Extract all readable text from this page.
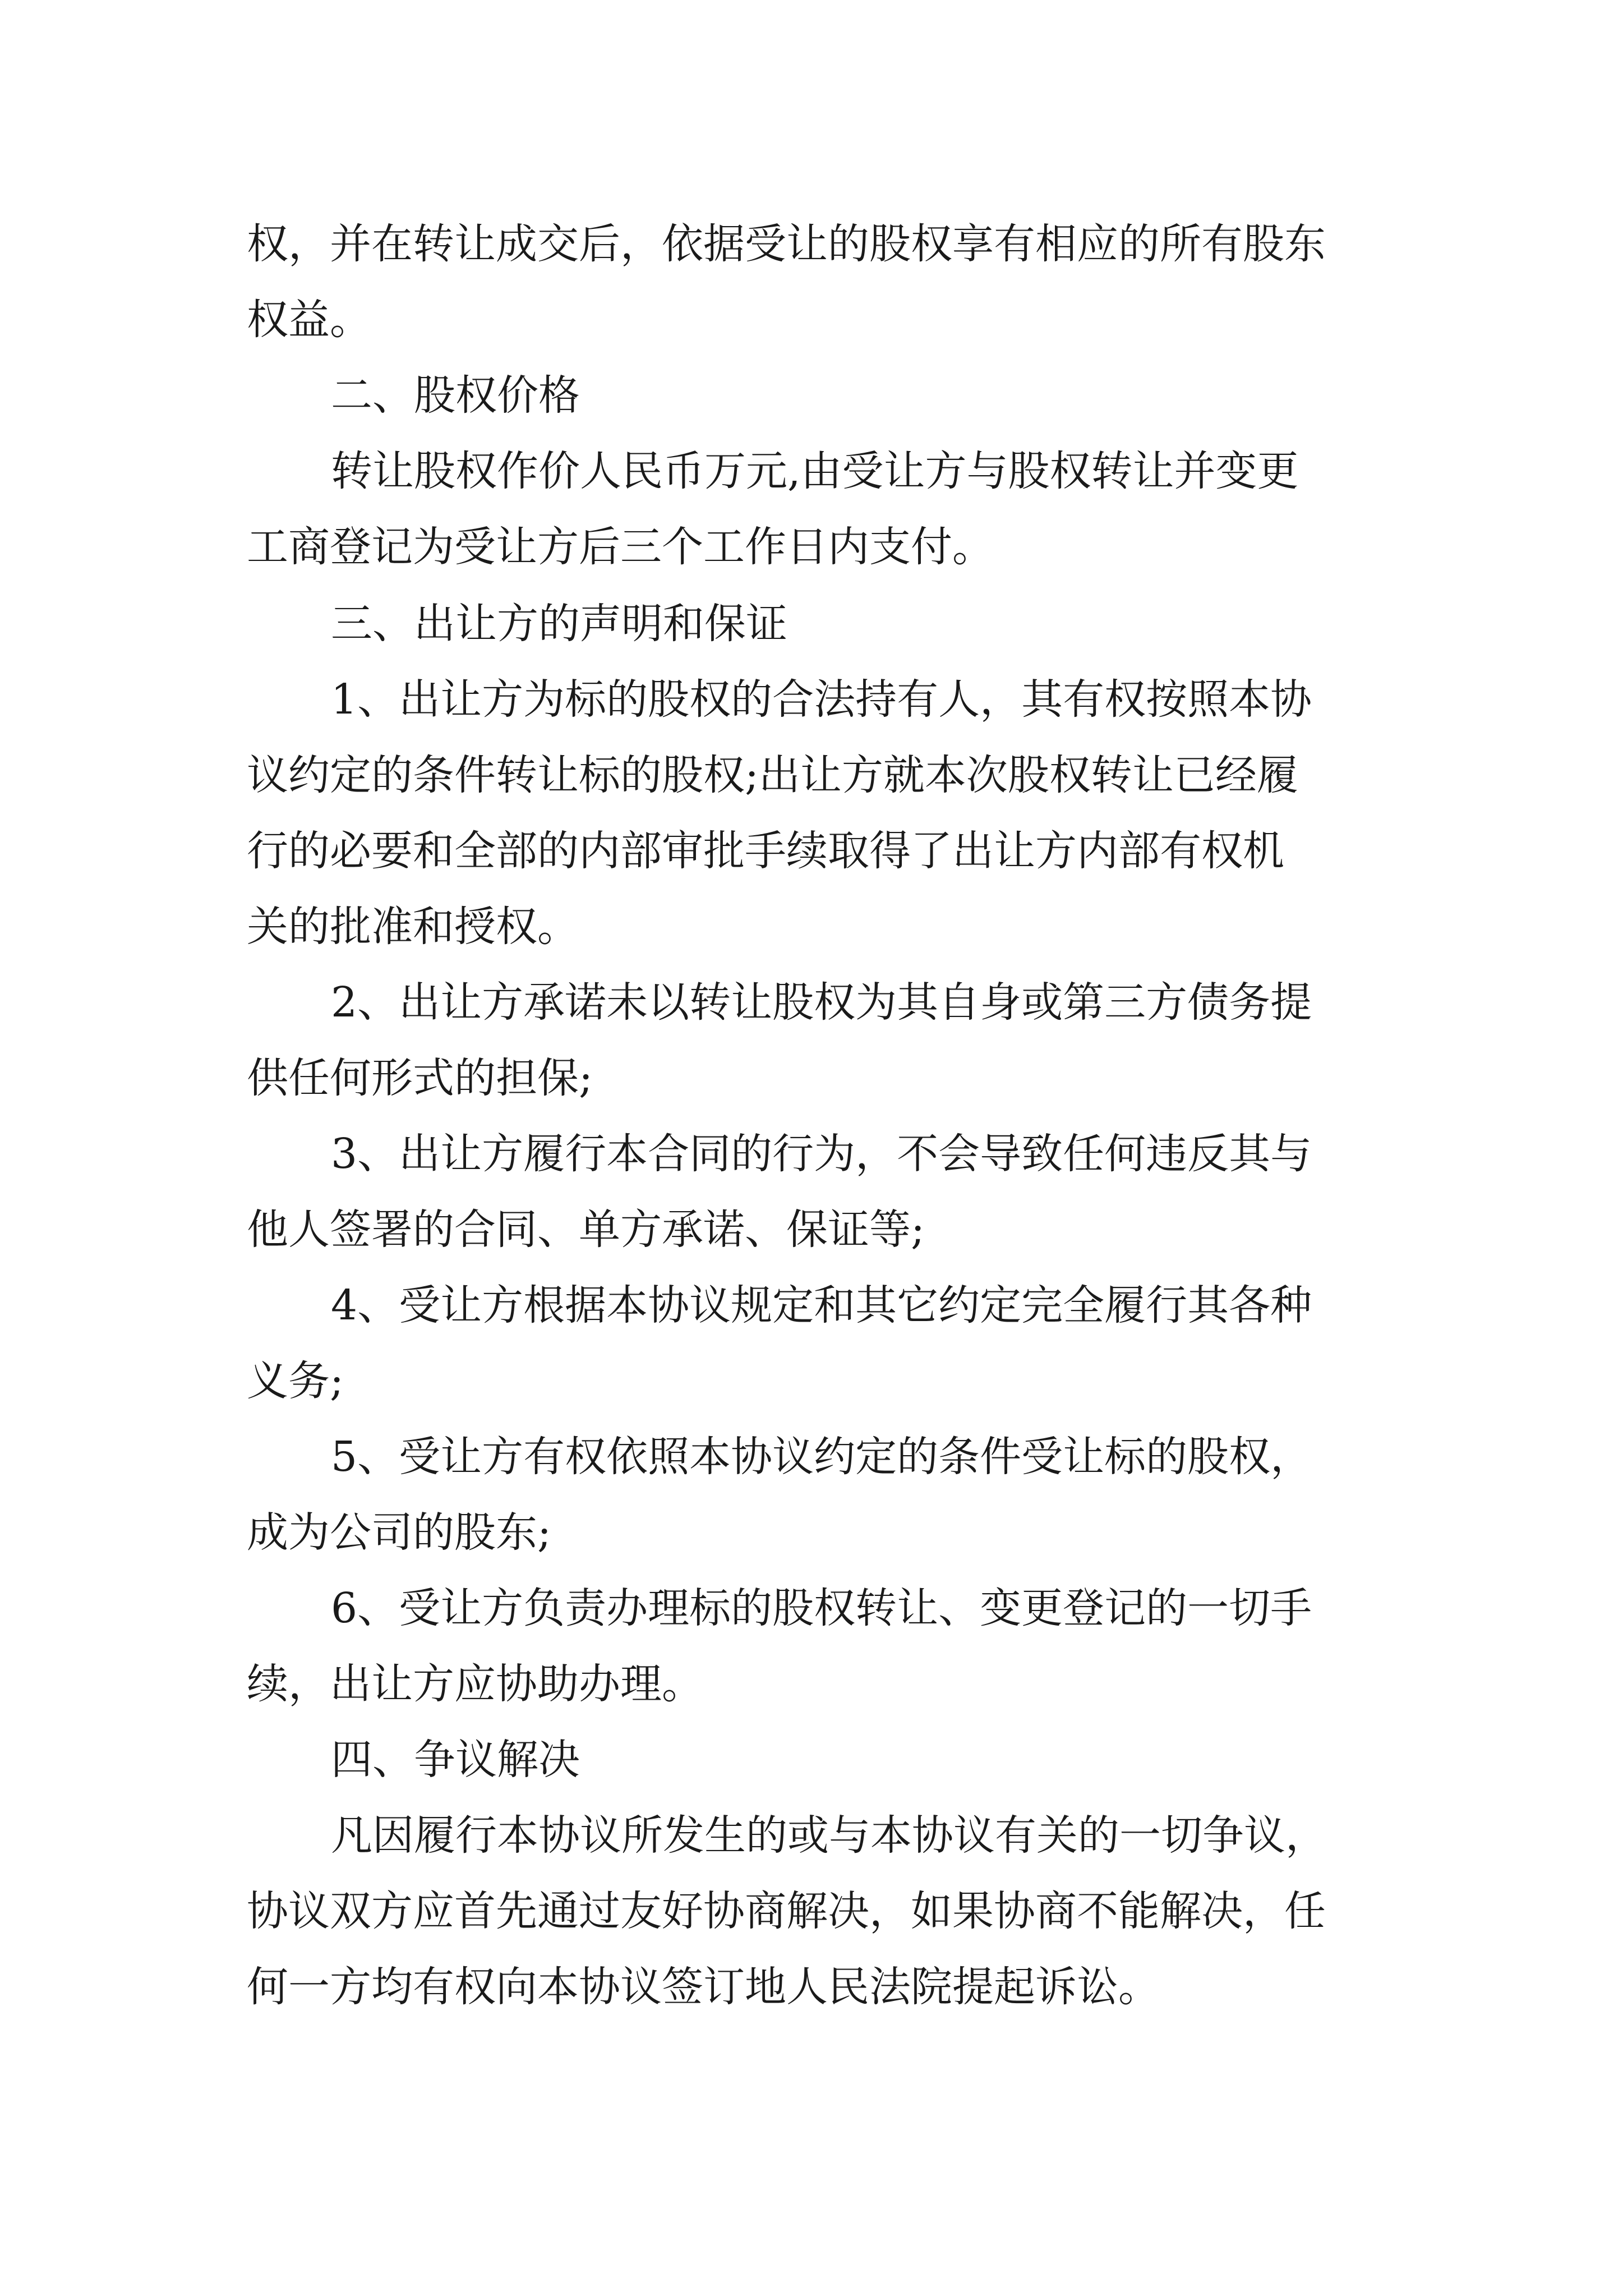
权，并在转让成交后，依据受让的股权享有相应的所有股东

权益。

二、股权价格

转让股权作价人民币万元,由受让方与股权转让并变更

工商登记为受让方后三个工作日内支付。

三、出让方的声明和保证

1、出让方为标的股权的合法持有人，其有权按照本协

议约定的条件转让标的股权;出让方就本次股权转让已经履

行的必要和全部的内部审批手续取得了出让方内部有权机

关的批准和授权。

2、出让方承诺未以转让股权为其自身或第三方债务提

供任何形式的担保;

3、出让方履行本合同的行为，不会导致任何违反其与

他人签署的合同、单方承诺、保证等;

4、受让方根据本协议规定和其它约定完全履行其各种

义务;

5、受让方有权依照本协议约定的条件受让标的股权，

成为公司的股东;

6、受让方负责办理标的股权转让、变更登记的一切手

续，出让方应协助办理。

四、争议解决

凡因履行本协议所发生的或与本协议有关的一切争议，

协议双方应首先通过友好协商解决，如果协商不能解决，任

何一方均有权向本协议签订地人民法院提起诉讼。
